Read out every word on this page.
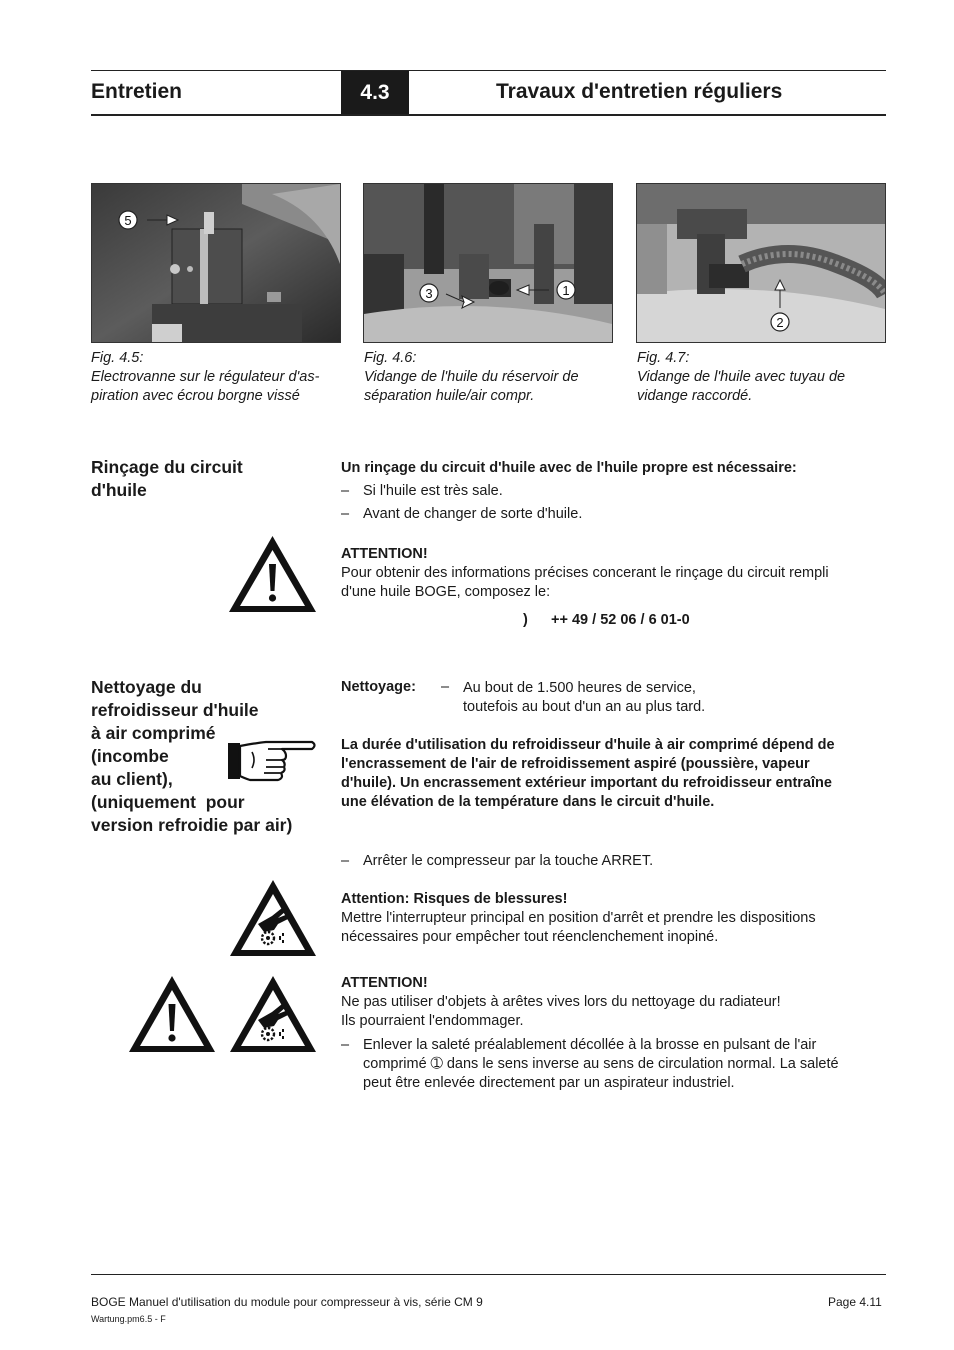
Entretien	4.3	Travaux d'entretien réguliers
5
3	1
2
Fig. 4.5:
Electrovanne sur le régulateur d'as-
piration avec écrou borgne vissé
Fig. 4.6:
Vidange de l'huile du réservoir de
séparation huile/air compr.
Fig. 4.7:
Vidange de l'huile avec tuyau de
vidange raccordé.
Rinçage du circuit
d'huile
Un rinçage du circuit d'huile avec de l'huile propre est nécessaire:
– Si l'huile est très sale.
– Avant de changer de sorte d'huile.
ATTENTION!
Pour obtenir des informations précises concerant le rinçage du circuit rempli
d'une huile BOGE, composez le:
) ++ 49 / 52 06 / 6 01-0
Nettoyage du
refroidisseur d'huile
à air comprimé
(incombe
au client),
(uniquement  pour
version refroidie par air)
Nettoyage: – Au bout de 1.500 heures de service,
toutefois au bout d'un an au plus tard.
La durée d'utilisation du refroidisseur d'huile à air comprimé dépend de
l'encrassement de l'air de refroidissement aspiré (poussière, vapeur
d'huile). Un encrassement extérieur important du refroidisseur entraîne
une élévation de la température dans le circuit d'huile.
– Arrêter le compresseur par la touche ARRET.
Attention: Risques de blessures!
Mettre l'interrupteur principal en position d'arrêt et prendre les dispositions
nécessaires pour empêcher tout réenclenchement inopiné.
ATTENTION!
Ne pas utiliser d'objets à arêtes vives lors du nettoyage du radiateur!
Ils pourraient l'endommager.
– Enlever la saleté préalablement décollée à la brosse en pulsant de l'air
comprimé ➀ dans le sens inverse au sens de circulation normal. La saleté
peut être enlevée directement par un aspirateur industriel.
BOGE Manuel d'utilisation du module pour compresseur à vis, série CM 9
Wartung.pm6.5 - F
Page 4.11
